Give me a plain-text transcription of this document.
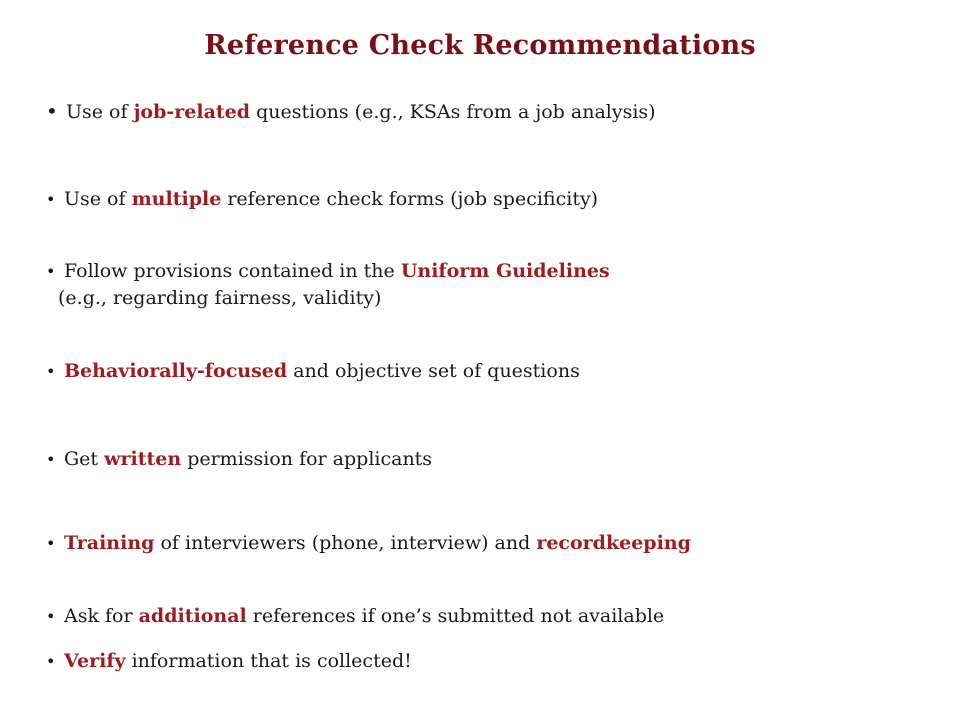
Reference Check Recommendations
• Use of job-related questions (e.g., KSAs from a job analysis)
• Use of multiple reference check forms (job specificity)
• Follow provisions contained in the Uniform Guidelines
(e.g., regarding fairness, validity)
• Behaviorally-focused and objective set of questions
• Get written permission for applicants
• Training of interviewers (phone, interview) and recordkeeping
• Ask for additional references if one’s submitted not available
• Verify information that is collected!
